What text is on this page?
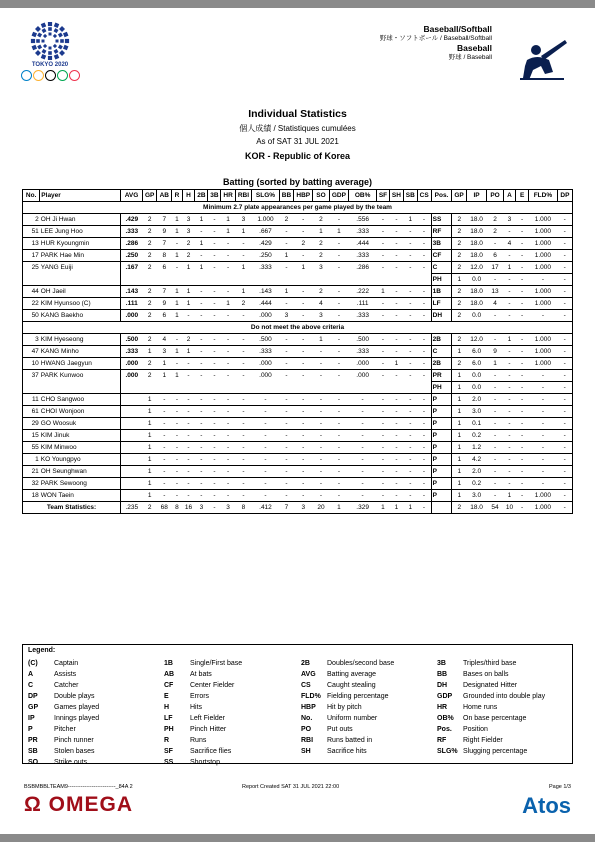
TOKYO 2020
Baseball/Softball
野球・ソフトボール / Baseball/Softball
Baseball
野球 / Baseball
Individual Statistics
個人成績 / Statistiques cumulées
As of SAT 31 JUL 2021
KOR - Republic of Korea
Batting (sorted by batting average)
No.	Player	AVG	GP	AB	R	H	2B	3B	HR	RBI	SLG%	BB	HBP	SO	GDP	OB%	SF	SH	SB	CS	Pos.	GP	IP	PO	A	E	FLD%	DP
Minimum 2.7 plate appearances per game played by the team																												
2	OH Ji Hwan	.429	2	7	1	3	1	-	1	3	1.000	2	-	2	-	.556	-	-	1	-	SS	2	18.0	2	3	-	1.000	-
51	LEE Jung Hoo	.333	2	9	1	3	-	-	1	1	.667	-	-	1	1	.333	-	-	-	-	RF	2	18.0	2	-	-	1.000	-
13	HUR Kyoungmin	.286	2	7	-	2	1	-	-	-	.429	-	2	2	-	.444	-	-	-	-	3B	2	18.0	-	4	-	1.000	-
17	PARK Hae Min	.250	2	8	1	2	-	-	-	-	.250	1	-	2	-	.333	-	-	-	-	CF	2	18.0	6	-	-	1.000	-
25	YANG Euiji	.167	2	6	-	1	1	-	-	1	.333	-	1	3	-	.286	-	-	-	-	C	2	12.0	17	1	-	1.000	-
																					PH	1	0.0	-	-	-	-	-
44	OH Jaeil	.143	2	7	1	1	-	-	-	1	.143	1	-	2	-	.222	1	-	-	-	1B	2	18.0	13	-	-	1.000	-
22	KIM Hyunsoo (C)	.111	2	9	1	1	-	-	1	2	.444	-	-	4	-	.111	-	-	-	-	LF	2	18.0	4	-	-	1.000	-
50	KANG Baekho	.000	2	6	1	-	-	-	-	-	.000	3	-	3	-	.333	-	-	-	-	DH	2	0.0	-	-	-	-	-
Do not meet the above criteria																												
3	KIM Hyeseong	.500	2	4	-	2	-	-	-	-	.500	-	-	1	-	.500	-	-	-	-	2B	2	12.0	-	1	-	1.000	-
47	KANG Minho	.333	1	3	1	1	-	-	-	-	.333	-	-	-	-	.333	-	-	-	-	C	1	6.0	9	-	-	1.000	-
10	HWANG Jaegyun	.000	2	1	-	-	-	-	-	-	.000	-	-	-	-	.000	-	1	-	-	2B	2	6.0	1	-	-	1.000	-
37	PARK Kunwoo	.000	2	1	1	-	-	-	-	-	.000	-	-	-	-	.000	-	-	-	-	PR	1	0.0	-	-	-	-	-
																					PH	1	0.0	-	-	-	-	-
11	CHO Sangwoo		1	-	-	-	-	-	-	-	-	-	-	-	-	-	-	-	-	-	P	1	2.0	-	-	-	-	-
61	CHOI Wonjoon		1	-	-	-	-	-	-	-	-	-	-	-	-	-	-	-	-	-	P	1	3.0	-	-	-	-	-
29	GO Woosuk		1	-	-	-	-	-	-	-	-	-	-	-	-	-	-	-	-	-	P	1	0.1	-	-	-	-	-
15	KIM Jinuk		1	-	-	-	-	-	-	-	-	-	-	-	-	-	-	-	-	-	P	1	0.2	-	-	-	-	-
55	KIM Minwoo		1	-	-	-	-	-	-	-	-	-	-	-	-	-	-	-	-	-	P	1	1.2	-	-	-	-	-
1	KO Youngpyo		1	-	-	-	-	-	-	-	-	-	-	-	-	-	-	-	-	-	P	1	4.2	-	-	-	-	-
21	OH Seunghwan		1	-	-	-	-	-	-	-	-	-	-	-	-	-	-	-	-	-	P	1	2.0	-	-	-	-	-
32	PARK Sewoong		1	-	-	-	-	-	-	-	-	-	-	-	-	-	-	-	-	-	P	1	0.2	-	-	-	-	-
18	WON Taein		1	-	-	-	-	-	-	-	-	-	-	-	-	-	-	-	-	-	P	1	3.0	-	1	-	1.000	-
Team Statistics:		.235	2	68	8	16	3	-	3	8	.412	7	3	20	1	.329	1	1	1	-		2	18.0	54	10	-	1.000	-
Legend:
(C) Captain
A	Assists
C	Catcher
DP Double plays
GP Games played
IP	Innings played
P	Pitcher
PR Pinch runner
SB Stolen bases
SO Strike outs
1B Single/First base
AB At bats
CF Center Fielder
E	Errors
H	Hits
LF Left Fielder
PH Pinch Hitter
R	Runs
SF Sacrifice flies
SS Shortstop
2B Doubles/second base
AVG Batting average
CS Caught stealing
FLD% Fielding percentage
HBP Hit by pitch
No. Uniform number
PO Put outs
RBI Runs batted in
SH Sacrifice hits
3B Triples/third base
BB Bases on balls
DH Designated Hitter
GDP Grounded into double play
HR Home runs
OB% On base percentage
Pos. Position
RF Right Fielder
SLG% Slugging percentage
BSBMBBLTEAM9--------------------------_84A 2	Report Created SAT 31 JUL 2021 22:00	Page 1/3
Ω OMEGA	Atos
